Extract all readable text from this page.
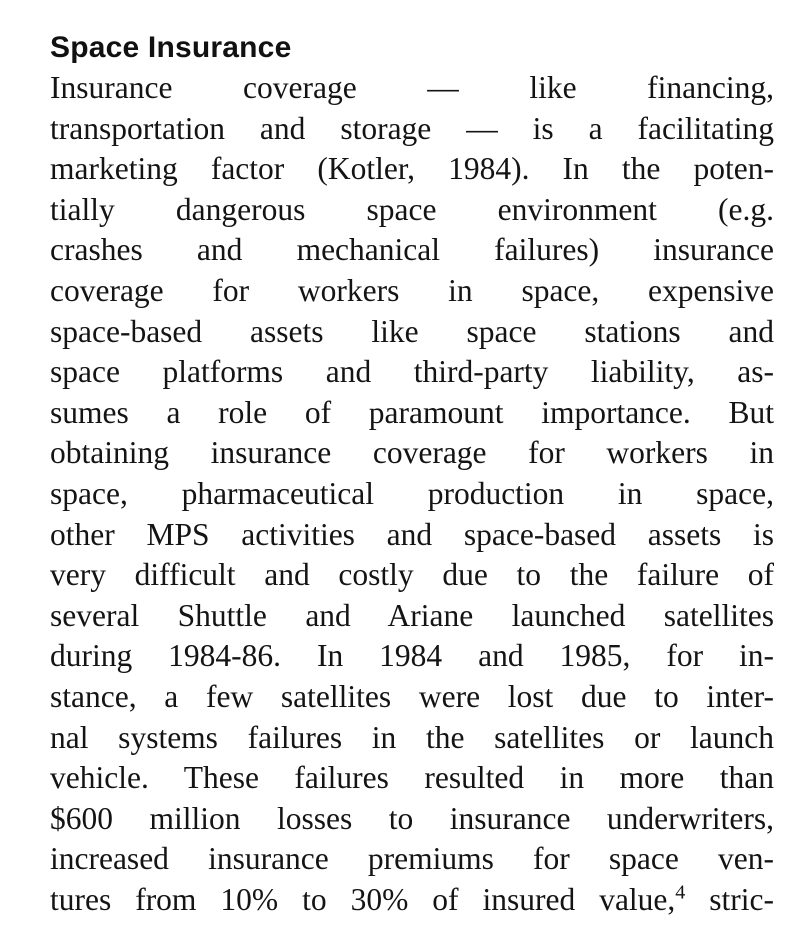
Space Insurance
Insurance coverage — like financing,
transportation and storage — is a facilitating
marketing factor (Kotler, 1984). In the poten-
tially dangerous space environment (e.g.
crashes and mechanical failures) insurance
coverage for workers in space, expensive
space-based assets like space stations and
space platforms and third-party liability, as-
sumes a role of paramount importance. But
obtaining insurance coverage for workers in
space, pharmaceutical production in space,
other MPS activities and space-based assets is
very difficult and costly due to the failure of
several Shuttle and Ariane launched satellites
during 1984-86. In 1984 and 1985, for in-
stance, a few satellites were lost due to inter-
nal systems failures in the satellites or launch
vehicle. These failures resulted in more than
$600 million losses to insurance underwriters,
increased insurance premiums for space ven-
tures from 10% to 30% of insured value,$^4$ stric-
